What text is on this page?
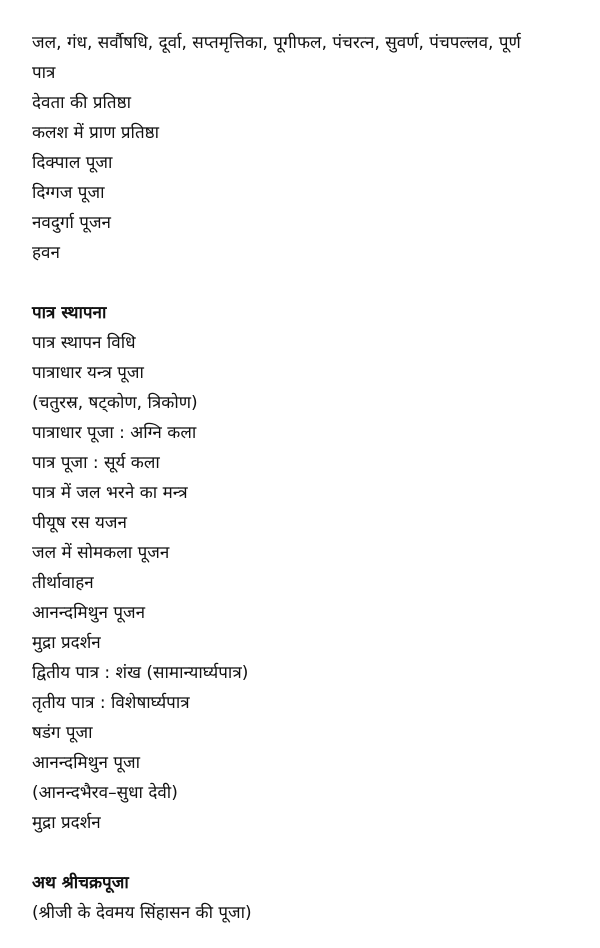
जल, गंध, सर्वौषधि, दूर्वा, सप्तमृत्तिका, पूगीफल, पंचरत्न, सुवर्ण, पंचपल्लव, पूर्ण
पात्र
देवता की प्रतिष्ठा
कलश में प्राण प्रतिष्ठा
दिक्पाल पूजा
दिग्गज पूजा
नवदुर्गा पूजन
हवन
पात्र स्थापना
पात्र स्थापन विधि
पात्राधार यन्त्र पूजा
(चतुरस्र, षट्कोण, त्रिकोण)
पात्राधार पूजा : अग्नि कला
पात्र पूजा : सूर्य कला
पात्र में जल भरने का मन्त्र
पीयूष रस यजन
जल में सोमकला पूजन
तीर्थावाहन
आनन्दमिथुन पूजन
मुद्रा प्रदर्शन
द्वितीय पात्र : शंख (सामान्यार्घ्यपात्र)
तृतीय पात्र : विशेषार्घ्यपात्र
षडंग पूजा
आनन्दमिथुन पूजा
(आनन्दभैरव–सुधा देवी)
मुद्रा प्रदर्शन
अथ श्रीचक्रपूजा
(श्रीजी के देवमय सिंहासन की पूजा)
